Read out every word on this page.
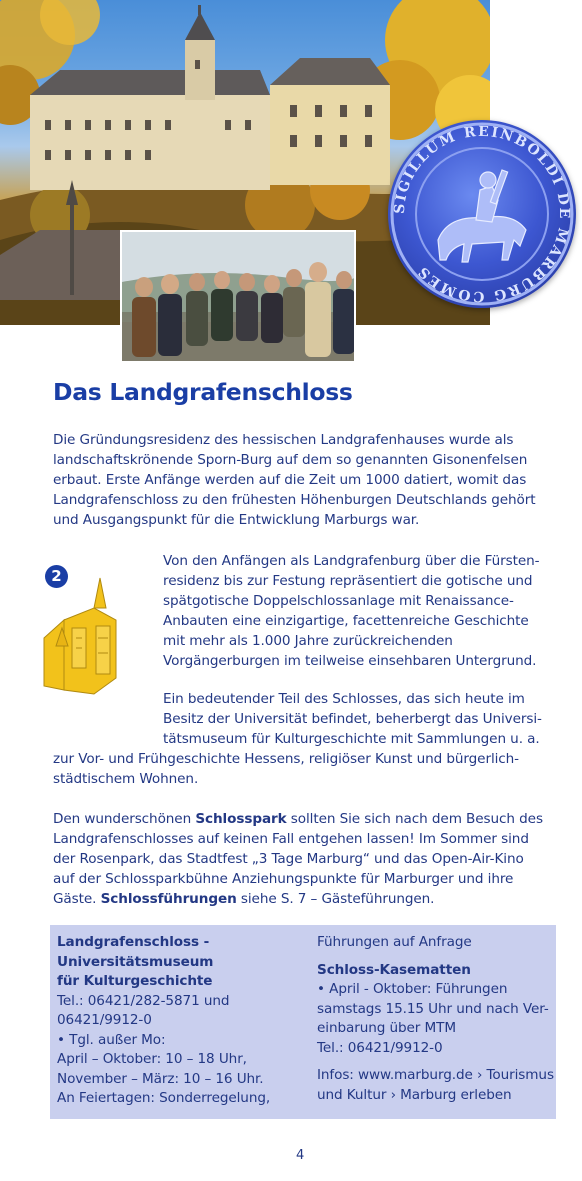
SIGILLUM REINBOLDI DE MARBURG COMES
Das Landgrafenschloss

Die Gründungsresidenz des hessischen Landgrafenhauses wurde als landschaftskrönende Sporn-Burg auf dem so genannten Gisonenfelsen erbaut. Erste Anfänge werden auf die Zeit um 1000 datiert, womit das Landgrafenschloss zu den frühesten Höhenburgen Deutschlands gehört und Ausgangspunkt für die Entwicklung Marburgs war.

2

Von den Anfängen als Landgrafenburg über die Fürsten-residenz bis zur Festung repräsentiert die gotische und spätgotische Doppelschlossanlage mit Renaissance-Anbauten eine einzigartige, facettenreiche Geschichte mit mehr als 1.000 Jahre zurückreichenden Vorgängerburgen im teilweise einsehbaren Untergrund.

Ein bedeutender Teil des Schlosses, das sich heute im
Besitz der Universität befindet, beherbergt das Universi-
tätsmuseum für Kulturgeschichte mit Sammlungen u. a.
zur Vor- und Frühgeschichte Hessens, religiöser Kunst und bürgerlich-städtischem Wohnen.

Den wunderschönen Schlosspark sollten Sie sich nach dem Besuch des Landgrafenschlosses auf keinen Fall entgehen lassen! Im Sommer sind der Rosenpark, das Stadtfest „3 Tage Marburg“ und das Open-Air-Kino auf der Schlossparkbühne Anziehungspunkte für Marburger und ihre Gäste. Schlossführungen siehe S. 7 – Gästeführungen.

Landgrafenschloss -
Universitätsmuseum
für Kulturgeschichte
Tel.: 06421/282-5871 und
06421/9912-0
• Tgl. außer Mo:
April – Oktober: 10 – 18 Uhr,
November – März: 10 – 16 Uhr.
An Feiertagen: Sonderregelung,
Führungen auf Anfrage
Schloss-Kasematten
• April - Oktober: Führungen
samstags 15.15 Uhr und nach Ver-
einbarung über MTM
Tel.: 06421/9912-0
Infos: www.marburg.de › Tourismus
und Kultur › Marburg erleben
4
